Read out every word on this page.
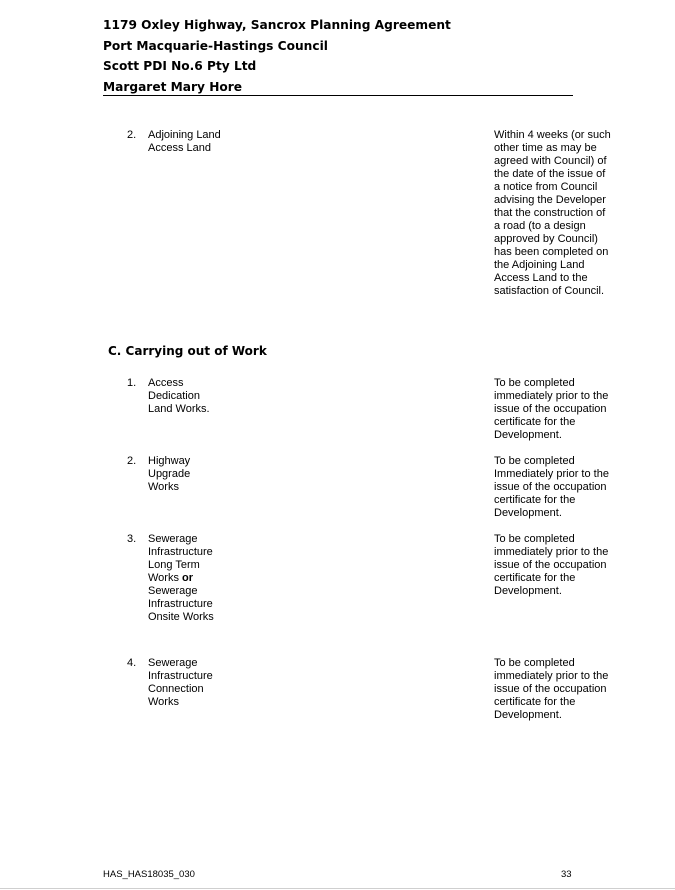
1179 Oxley Highway, Sancrox Planning Agreement
Port Macquarie-Hastings Council
Scott PDI No.6 Pty Ltd
Margaret Mary Hore
2. Adjoining Land Access Land
Within 4 weeks (or such other time as may be agreed with Council) of the date of the issue of a notice from Council advising the Developer that the construction of a road (to a design approved by Council) has been completed on the Adjoining Land Access Land to the satisfaction of Council.
C. Carrying out of Work
1. Access Dedication Land Works.
To be completed immediately prior to the issue of the occupation certificate for the Development.
2. Highway Upgrade Works
To be completed Immediately prior to the issue of the occupation certificate for the Development.
3. Sewerage Infrastructure Long Term Works or Sewerage Infrastructure Onsite Works
To be completed immediately prior to the issue of the occupation certificate for the Development.
4. Sewerage Infrastructure Connection Works
To be completed immediately prior to the issue of the occupation certificate for the Development.
HAS_HAS18035_030	33
